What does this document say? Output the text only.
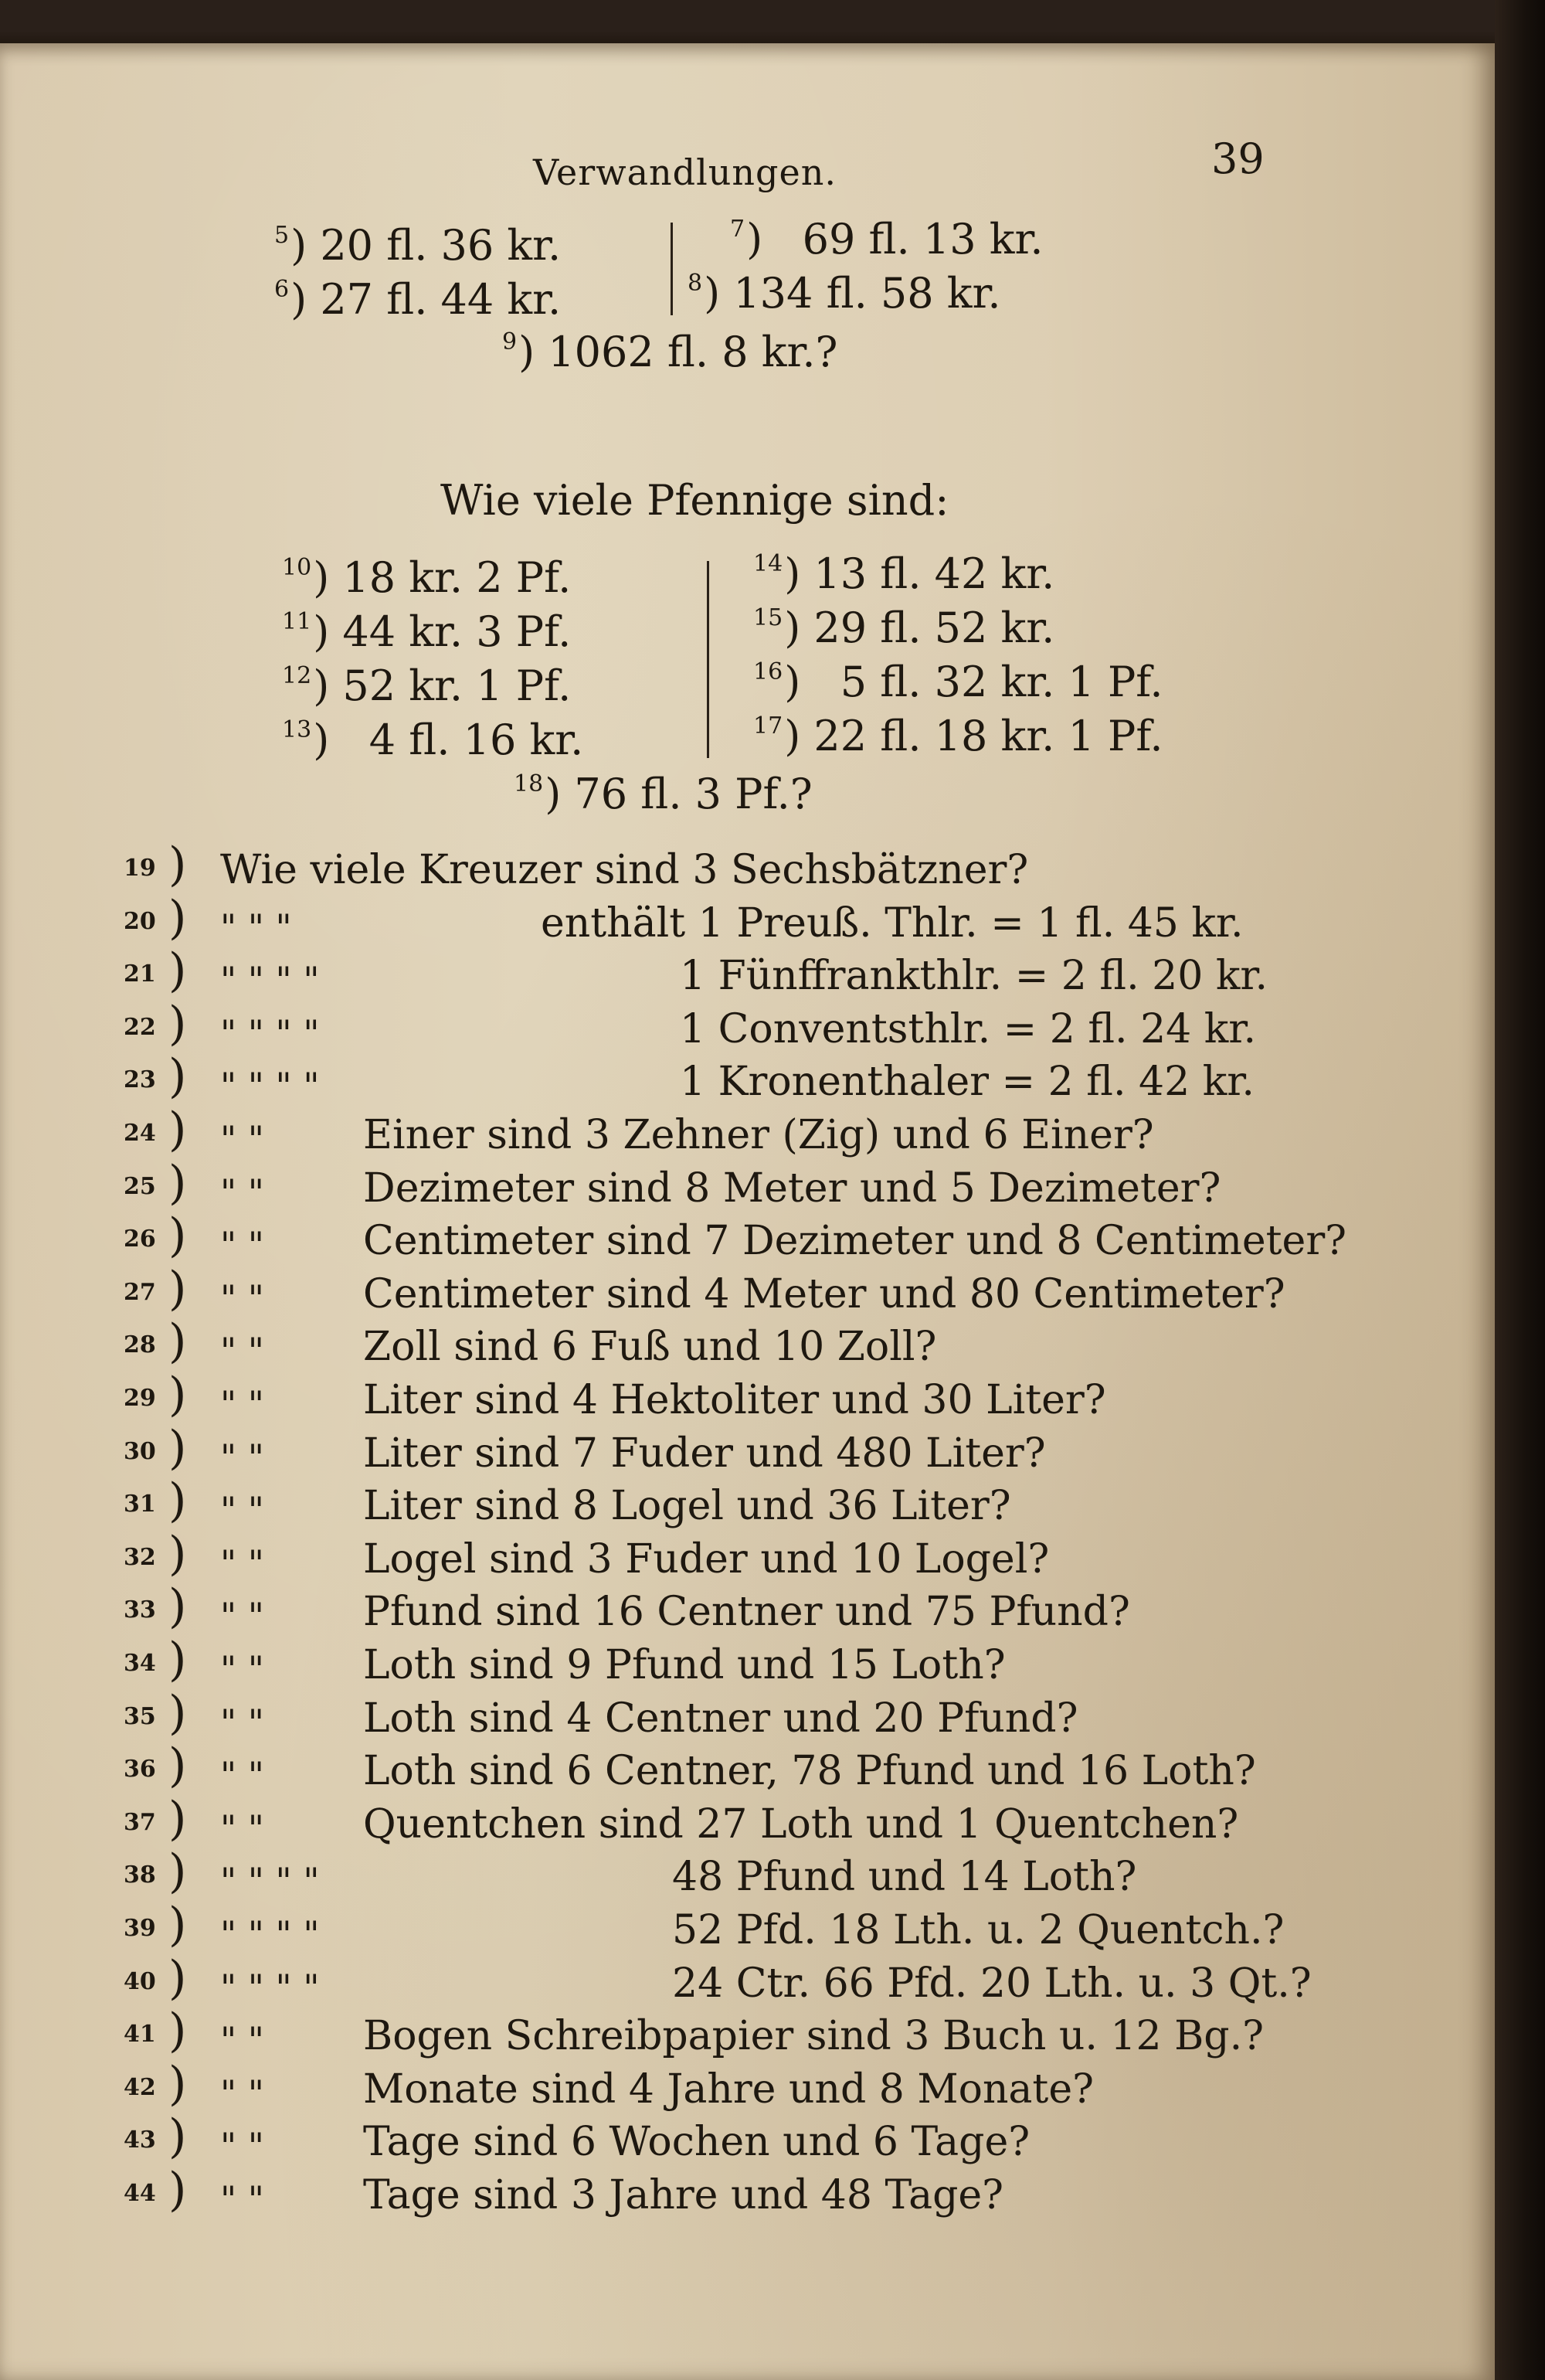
Verwandlungen.	39
$^5$) 20 fl. 36 kr.
$^6$) 27 fl. 44 kr.
$^7$)   69 fl. 13 kr.
$^8$) 134 fl. 58 kr.
$^9$) 1062 fl. 8 kr.?
Wie viele Pfennige sind:
$^{10}$) 18 kr. 2 Pf.
$^{11}$) 44 kr. 3 Pf.
$^{12}$) 52 kr. 1 Pf.
$^{13}$)   4 fl. 16 kr.
$^{14}$) 13 fl. 42 kr.
$^{15}$) 29 fl. 52 kr.
$^{16}$)   5 fl. 32 kr. 1 Pf.
$^{17}$) 22 fl. 18 kr. 1 Pf.
$^{18}$) 76 fl. 3 Pf.?
19 ) Wie viele Kreuzer sind 3 Sechsbätzner?
20 ) " " "	enthält 1 Preuß. Thlr. = 1 fl. 45 kr.
21 ) " " " "	1 Fünffrankthlr. = 2 fl. 20 kr.
22 ) " " " "	1 Conventsthlr. = 2 fl. 24 kr.
23 ) " " " "	1 Kronenthaler = 2 fl. 42 kr.
24 ) " " Einer sind 3 Zehner (Zig) und 6 Einer?
25 ) " " Dezimeter sind 8 Meter und 5 Dezimeter?
26 ) " " Centimeter sind 7 Dezimeter und 8 Centimeter?
27 ) " " Centimeter sind 4 Meter und 80 Centimeter?
28 ) " " Zoll sind 6 Fuß und 10 Zoll?
29 ) " " Liter sind 4 Hektoliter und 30 Liter?
30 ) " " Liter sind 7 Fuder und 480 Liter?
31 ) " " Liter sind 8 Logel und 36 Liter?
32 ) " " Logel sind 3 Fuder und 10 Logel?
33 ) " " Pfund sind 16 Centner und 75 Pfund?
34 ) " " Loth sind 9 Pfund und 15 Loth?
35 ) " " Loth sind 4 Centner und 20 Pfund?
36 ) " " Loth sind 6 Centner, 78 Pfund und 16 Loth?
37 ) " " Quentchen sind 27 Loth und 1 Quentchen?
38 ) " " " "	48 Pfund und 14 Loth?
39 ) " " " "	52 Pfd. 18 Lth. u. 2 Quentch.?
40 ) " " " "	24 Ctr. 66 Pfd. 20 Lth. u. 3 Qt.?
41 ) " " Bogen Schreibpapier sind 3 Buch u. 12 Bg.?
42 ) " " Monate sind 4 Jahre und 8 Monate?
43 ) " " Tage sind 6 Wochen und 6 Tage?
44 ) " " Tage sind 3 Jahre und 48 Tage?
